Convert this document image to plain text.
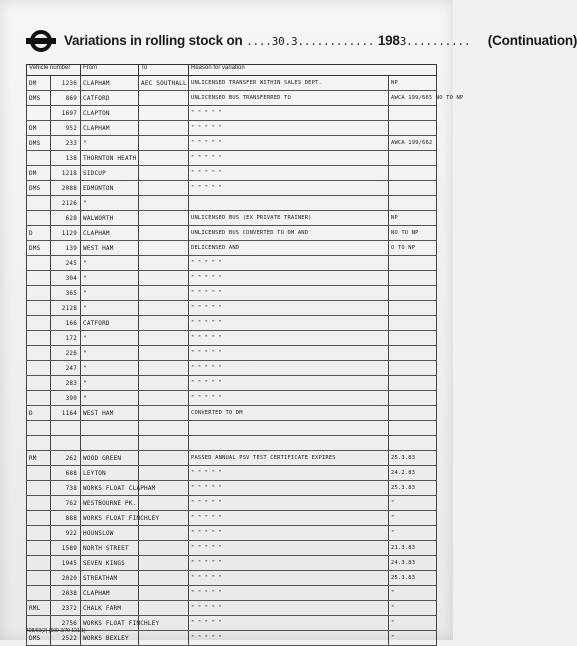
Variations in rolling stock on ....30.3............ 1983.......... (Continuation)
Vehicle number		From	To	Reason for variation	
DM	1236	CLAPHAM	AEC SOUTHALL	UNLICENSED TRANSFER WITHIN SALES DEPT.	NP
DMS	869	CATFORD		UNLICENSED BUS TRANSFERRED TO	AWCA 199/665 NO TO NP
	1697	CLAPTON		" " " " "	
DM	952	CLAPHAM		" " " " "	
DMS	233	"		" " " " "	AWCA 199/662
	138	THORNTON HEATH		" " " " "	
DM	1218	SIDCUP		" " " " "	
DMS	2088	EDMONTON		" " " " "	
	2126	"			
	628	WALWORTH		UNLICENSED BUS (EX PRIVATE TRAINER)	NP
D	1129	CLAPHAM		UNLICENSED BUS CONVERTED TO DM AND	NO TO NP
DMS	139	WEST HAM		DELICENSED AND	O TO NP
	245	"		" " " " "	
	304	"		" " " " "	
	365	"		" " " " "	
	2128	"		" " " " "	
	166	CATFORD		" " " " "	
	172	"		" " " " "	
	226	"		" " " " "	
	247	"		" " " " "	
	283	"		" " " " "	
	390	"		" " " " "	
D	1164	WEST HAM		CONVERTED TO DM	

RM	262	WOOD GREEN		PASSED ANNUAL PSV TEST CERTIFICATE EXPIRES	25.3.83
	688	LEYTON		" " " " "	24.2.83
	738	WORKS FLOAT CLAPHAM		" " " " "	25.3.83
	762	WESTBOURNE PK.		" " " " "	"
	888	WORKS FLOAT FINCHLEY		" " " " "	"
	922	HOUNSLOW		" " " " "	"
	1589	NORTH STREET		" " " " "	21.3.83
	1945	SEVEN KINGS		" " " " "	24.3.83
	2020	STREATHAM		" " " " "	25.3.83
	2038	CLAPHAM		" " " " "	"
RML	2372	CHALK FARM		" " " " "	"
	2756	WORKS FLOAT FINCHLEY		" " " " "	"
DMS	2522	WORKS BEXLEY		" " " " "	"
408/69(2) (500 3/79 121/1)
